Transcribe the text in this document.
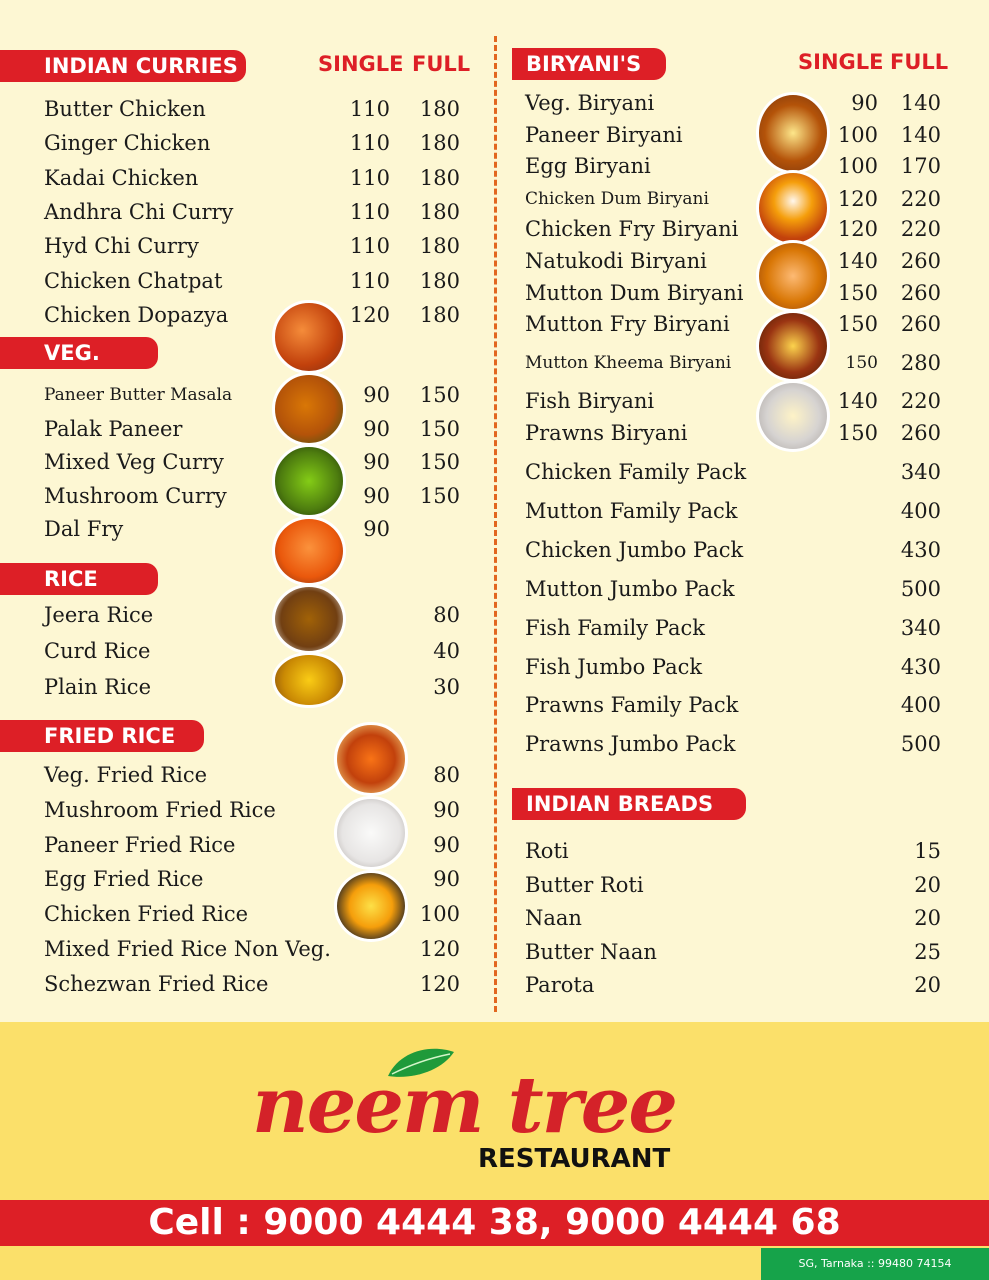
INDIAN CURRIES	SINGLE FULL
Butter Chicken	110	180
Ginger Chicken	110	180
Kadai Chicken	110	180
Andhra Chi Curry	110	180
Hyd Chi Curry	110	180
Chicken Chatpat	110	180
Chicken Dopazya	120	180
VEG.
Paneer Butter Masala	90	150
Palak Paneer	90	150
Mixed Veg Curry	90	150
Mushroom Curry	90	150
Dal Fry	90
RICE
Jeera Rice	80
Curd Rice	40
Plain Rice	30
FRIED RICE
Veg. Fried Rice	80
Mushroom Fried Rice	90
Paneer Fried Rice	90
Egg Fried Rice	90
Chicken Fried Rice	100
Mixed Fried Rice Non Veg.	120
Schezwan Fried Rice	120
BIRYANI'S	SINGLE FULL
Veg. Biryani	90	140
Paneer Biryani	100	140
Egg Biryani	100	170
Chicken Dum Biryani	120	220
Chicken Fry Biryani	120	220
Natukodi Biryani	140	260
Mutton Dum Biryani	150	260
Mutton Fry Biryani	150	260
Mutton Kheema Biryani	150	280
Fish Biryani	140	220
Prawns Biryani	150	260
Chicken Family Pack	340
Mutton Family Pack	400
Chicken Jumbo Pack	430
Mutton Jumbo Pack	500
Fish Family Pack	340
Fish Jumbo Pack	430
Prawns Family Pack	400
Prawns Jumbo Pack	500
INDIAN BREADS
Roti	15
Butter Roti	20
Naan	20
Butter Naan	25
Parota	20
neem tree
RESTAURANT
Cell : 9000 4444 38, 9000 4444 68
SG, Tarnaka :: 99480 74154
